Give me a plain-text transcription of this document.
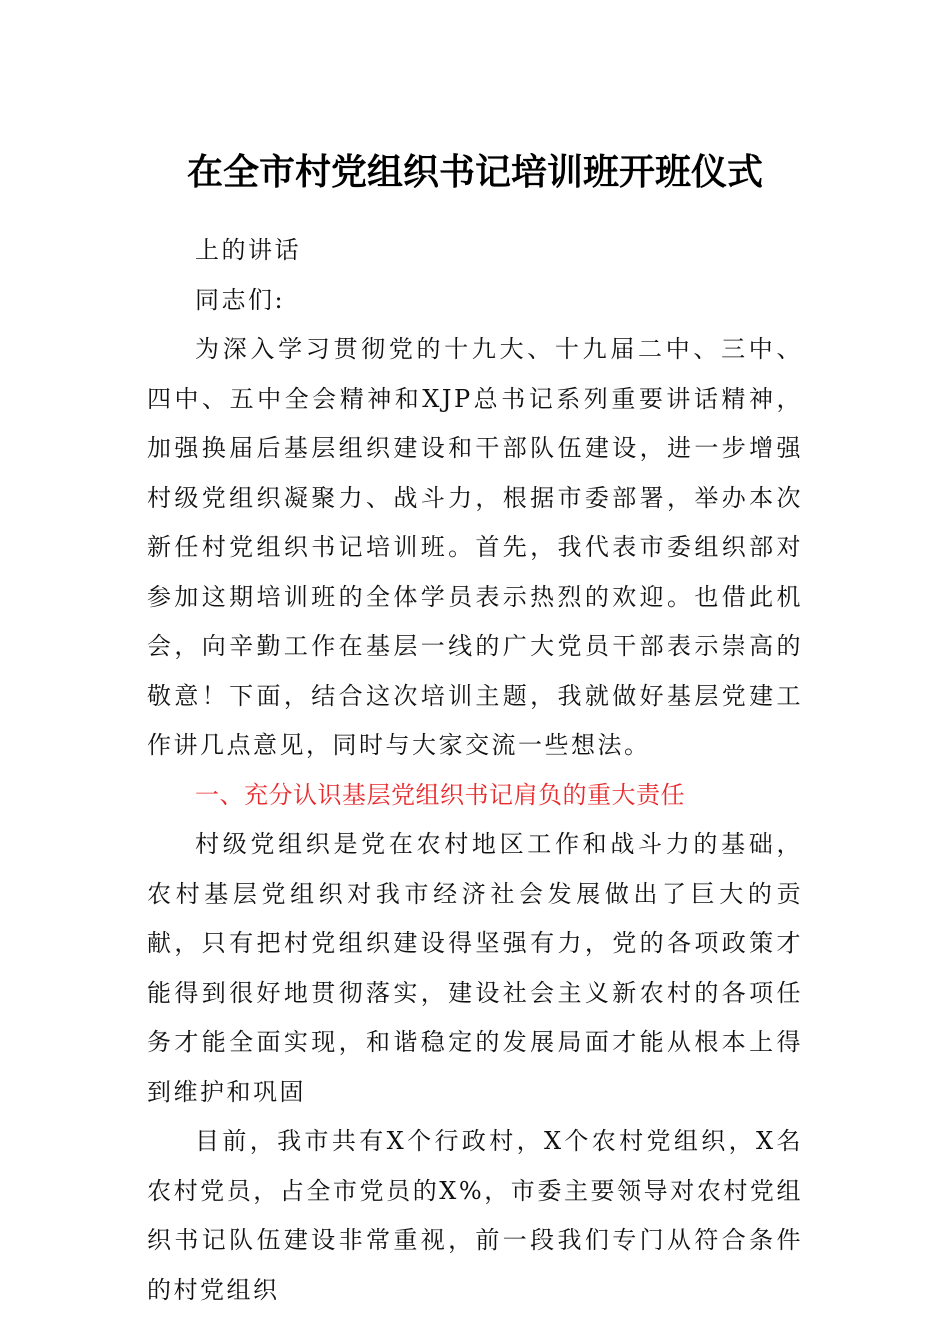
在全市村党组织书记培训班开班仪式

上的讲话

同志们:

为深入学习贯彻党的十九大、十九届二中、三中、四中、五中全会精神和XJP总书记系列重要讲话精神，加强换届后基层组织建设和干部队伍建设，进一步增强村级党组织凝聚力、战斗力，根据市委部署，举办本次新任村党组织书记培训班。首先，我代表市委组织部对参加这期培训班的全体学员表示热烈的欢迎。也借此机会，向辛勤工作在基层一线的广大党员干部表示崇高的敬意！下面，结合这次培训主题，我就做好基层党建工作讲几点意见，同时与大家交流一些想法。

一、充分认识基层党组织书记肩负的重大责任

村级党组织是党在农村地区工作和战斗力的基础，农村基层党组织对我市经济社会发展做出了巨大的贡献，只有把村党组织建设得坚强有力，党的各项政策才能得到很好地贯彻落实，建设社会主义新农村的各项任务才能全面实现，和谐稳定的发展局面才能从根本上得到维护和巩固

目前，我市共有X个行政村，X个农村党组织，X名农村党员，占全市党员的X%，市委主要领导对农村党组织书记队伍建设非常重视，前一段我们专门从符合条件的村党组织
